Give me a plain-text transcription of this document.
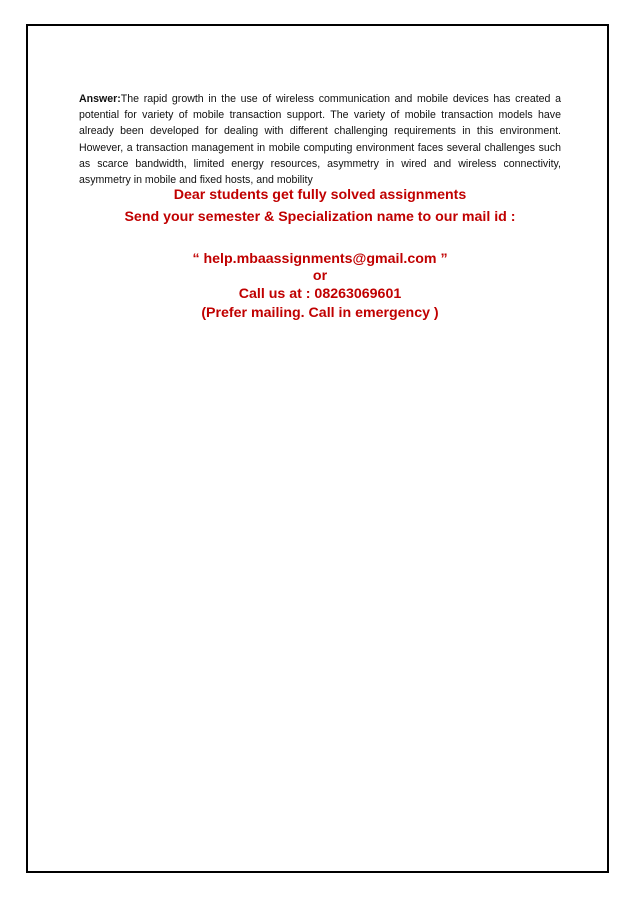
Answer:The rapid growth in the use of wireless communication and mobile devices has created a potential for variety of mobile transaction support. The variety of mobile transaction models have already been developed for dealing with different challenging requirements in this environment. However, a transaction management in mobile computing environment faces several challenges such as scarce bandwidth, limited energy resources, asymmetry in wired and wireless connectivity, asymmetry in mobile and fixed hosts, and mobility
Dear students get fully solved assignments
Send your semester & Specialization name to our mail id :
“ help.mbaassignments@gmail.com ”
or
Call us at : 08263069601
(Prefer mailing. Call in emergency )
